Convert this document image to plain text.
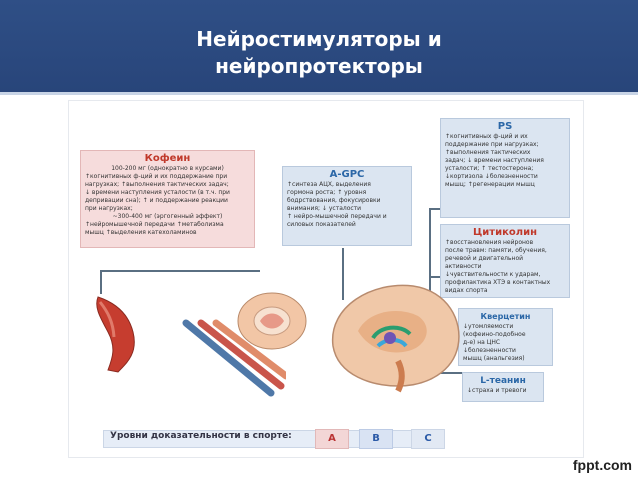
Нейростимуляторы и
нейропротекторы
Кофеин
100-200 мг (однократно в курсами)
↑когнитивных ф-ций и их поддержание при
нагрузках; ↑выполнения тактических задач;
↓ времени наступления усталости (в т.ч. при
депривации сна); ↑ и поддержание реакции
при нагрузках;
~300-400 мг (эргогенный эффект)
↑нейромышечной передачи ↑метаболизма
мышц ↑выделения катехоламинов
A-GPC
↑синтеза АЦХ, выделения
гормона роста; ↑ уровня
бодрствования, фокусировки
внимания; ↓ усталости
↑ нейро-мышечной передачи и
силовых показателей
PS
↑когнитивных ф-ций и их
поддержание при нагрузках;
↑выполнения тактических
задач; ↓ времени наступления
усталости; ↑ тестостерона;
↓кортизола ↓болезненности
мышц; ↑регенерации мышц
Цитиколин
↑восстановления нейронов
после травм: памяти, обучения,
речевой и двигательной
активности
↓чувствительности к ударам,
профилактика ХТЭ в контактных
видах спорта
Кверцетин
↓утомляемости
(кофеино-подобное
д-е) на ЦНС
↓болезненности
мышц (анальгезия)
L-теанин
↓страха и тревоги
Уровни доказательности в спорте:	A	B	C
fppt.com
